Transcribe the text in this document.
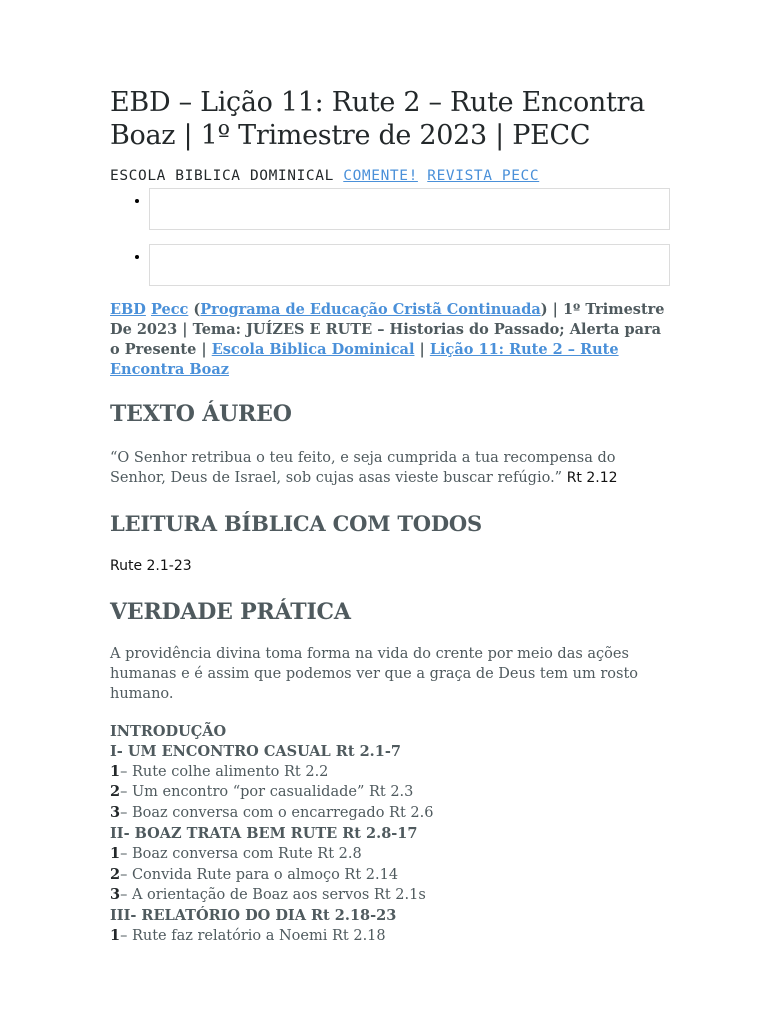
EBD – Lição 11: Rute 2 – Rute Encontra Boaz | 1º Trimestre de 2023 | PECC
ESCOLA BIBLICA DOMINICAL COMENTE! REVISTA PECC
•
•
EBD Pecc (Programa de Educação Cristã Continuada) | 1º Trimestre De 2023 | Tema: JUÍZES E RUTE – Historias do Passado; Alerta para o Presente | Escola Biblica Dominical | Lição 11: Rute 2 – Rute Encontra Boaz
TEXTO ÁUREO

“O Senhor retribua o teu feito, e seja cumprida a tua recompensa do Senhor, Deus de Israel, sob cujas asas vieste buscar refúgio.” Rt 2.12

LEITURA BÍBLICA COM TODOS

Rute 2.1-23

VERDADE PRÁTICA

A providência divina toma forma na vida do crente por meio das ações humanas e é assim que podemos ver que a graça de Deus tem um rosto humano.

INTRODUÇÃO
I- UM ENCONTRO CASUAL Rt 2.1-7
1– Rute colhe alimento Rt 2.2
2– Um encontro “por casualidade” Rt 2.3
3– Boaz conversa com o encarregado Rt 2.6
II- BOAZ TRATA BEM RUTE Rt 2.8-17
1– Boaz conversa com Rute Rt 2.8
2– Convida Rute para o almoço Rt 2.14
3– A orientação de Boaz aos servos Rt 2.1s
III- RELATÓRIO DO DIA Rt 2.18-23
1– Rute faz relatório a Noemi Rt 2.18
